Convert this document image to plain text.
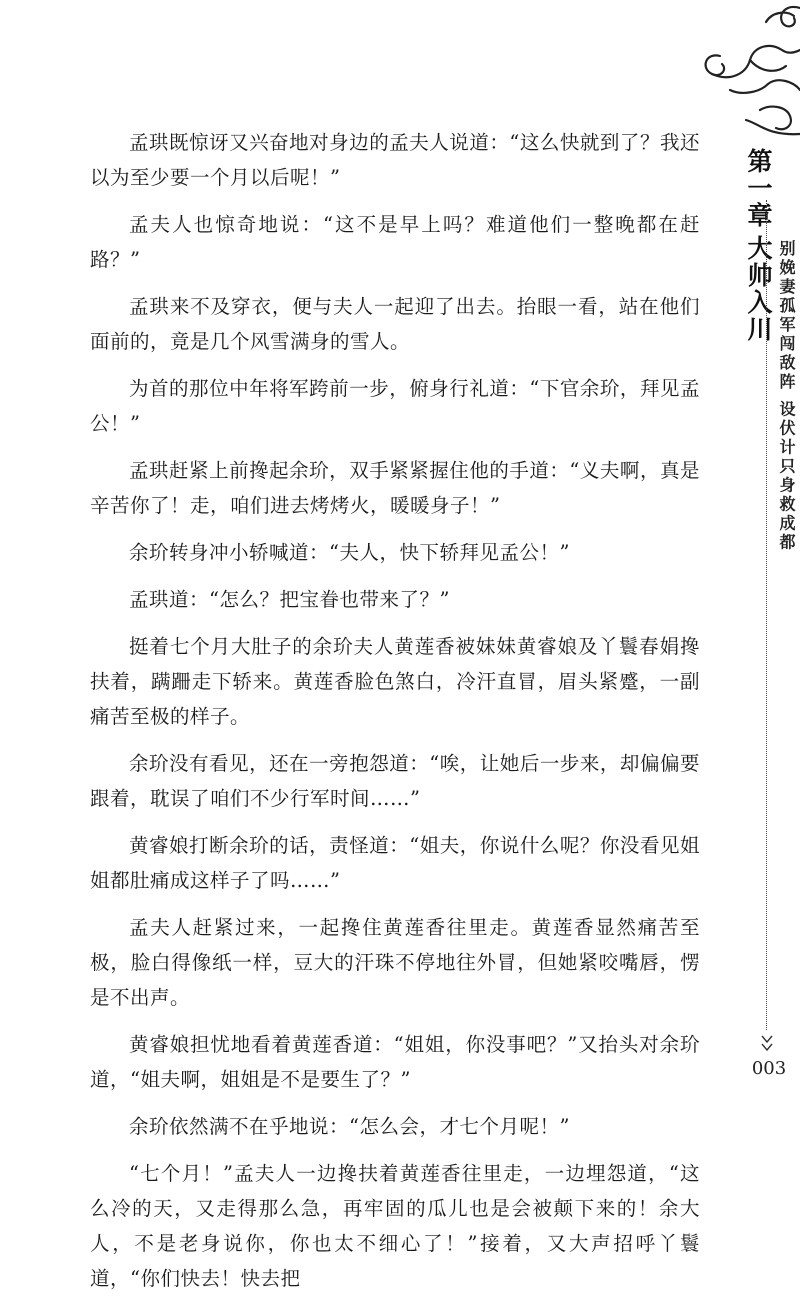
第一章
大帅入川 别娩妻孤军闯敌阵 设伏计只身救成都
003

孟珙既惊讶又兴奋地对身边的孟夫人说道：“这么快就到了？我还以为至少要一个月以后呢！”

孟夫人也惊奇地说：“这不是早上吗？难道他们一整晚都在赶路？”

孟珙来不及穿衣，便与夫人一起迎了出去。抬眼一看，站在他们面前的，竟是几个风雪满身的雪人。

为首的那位中年将军跨前一步，俯身行礼道：“下官余玠，拜见孟公！”

孟珙赶紧上前搀起余玠，双手紧紧握住他的手道：“义夫啊，真是辛苦你了！走，咱们进去烤烤火，暖暖身子！”

余玠转身冲小轿喊道：“夫人，快下轿拜见孟公！”

孟珙道：“怎么？把宝眷也带来了？”

挺着七个月大肚子的余玠夫人黄莲香被妹妹黄睿娘及丫鬟春娟搀扶着，蹒跚走下轿来。黄莲香脸色煞白，冷汗直冒，眉头紧蹙，一副痛苦至极的样子。

余玠没有看见，还在一旁抱怨道：“唉，让她后一步来，却偏偏要跟着，耽误了咱们不少行军时间……”

黄睿娘打断余玠的话，责怪道：“姐夫，你说什么呢？你没看见姐姐都肚痛成这样子了吗……”

孟夫人赶紧过来，一起搀住黄莲香往里走。黄莲香显然痛苦至极，脸白得像纸一样，豆大的汗珠不停地往外冒，但她紧咬嘴唇，愣是不出声。

黄睿娘担忧地看着黄莲香道：“姐姐，你没事吧？”又抬头对余玠道，“姐夫啊，姐姐是不是要生了？”

余玠依然满不在乎地说：“怎么会，才七个月呢！”

“七个月！”孟夫人一边搀扶着黄莲香往里走，一边埋怨道，“这么冷的天，又走得那么急，再牢固的瓜儿也是会被颠下来的！余大人，不是老身说你，你也太不细心了！”接着，又大声招呼丫鬟道，“你们快去！快去把
